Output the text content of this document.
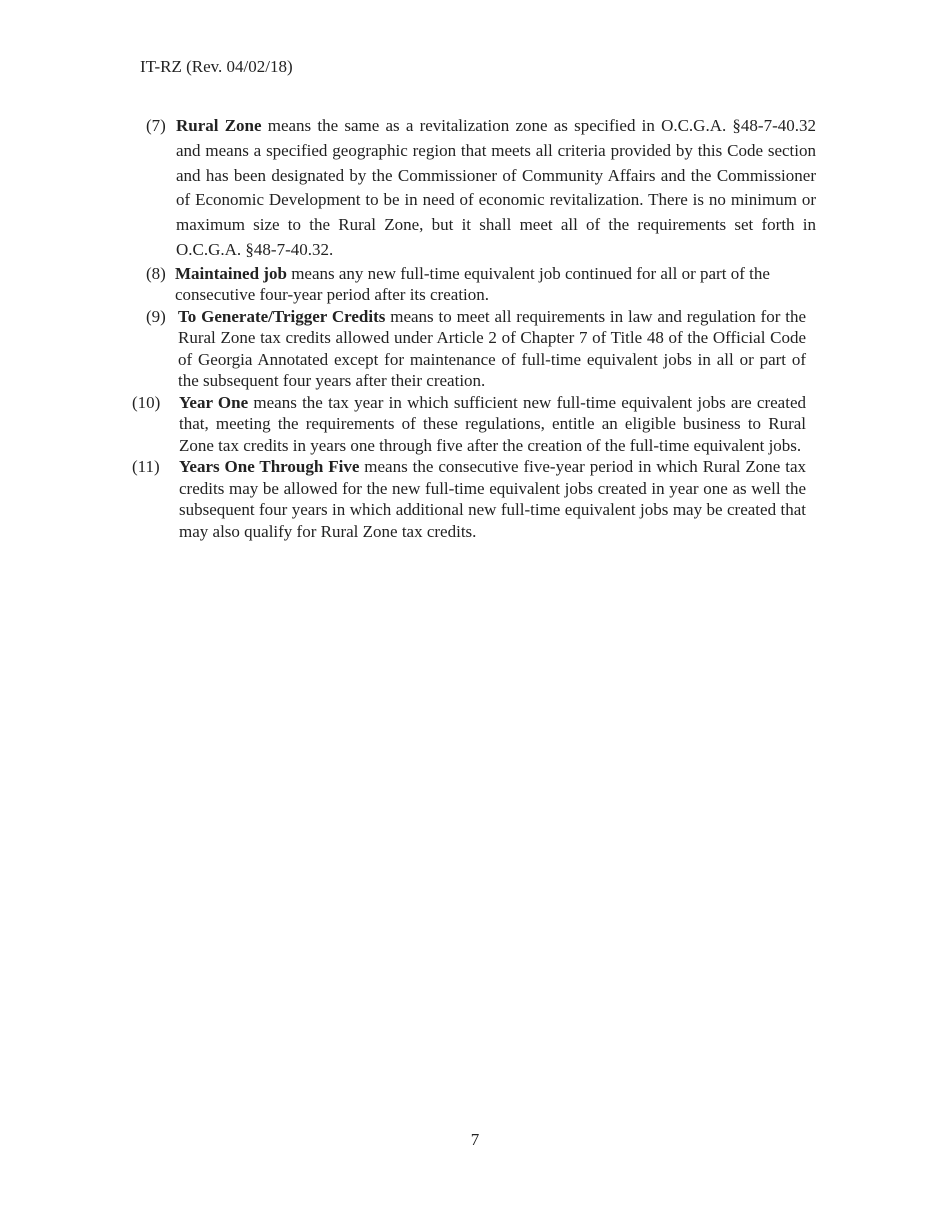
IT-RZ (Rev. 04/02/18)
(7) Rural Zone means the same as a revitalization zone as specified in O.C.G.A. §48-7-40.32 and means a specified geographic region that meets all criteria provided by this Code section and has been designated by the Commissioner of Community Affairs and the Commissioner of Economic Development to be in need of economic revitalization. There is no minimum or maximum size to the Rural Zone, but it shall meet all of the requirements set forth in O.C.G.A. §48-7-40.32.
(8) Maintained job means any new full-time equivalent job continued for all or part of the consecutive four-year period after its creation.
(9) To Generate/Trigger Credits means to meet all requirements in law and regulation for the Rural Zone tax credits allowed under Article 2 of Chapter 7 of Title 48 of the Official Code of Georgia Annotated except for maintenance of full-time equivalent jobs in all or part of the subsequent four years after their creation.
(10) Year One means the tax year in which sufficient new full-time equivalent jobs are created that, meeting the requirements of these regulations, entitle an eligible business to Rural Zone tax credits in years one through five after the creation of the full-time equivalent jobs.
(11) Years One Through Five means the consecutive five-year period in which Rural Zone tax credits may be allowed for the new full-time equivalent jobs created in year one as well the subsequent four years in which additional new full-time equivalent jobs may be created that may also qualify for Rural Zone tax credits.
7
